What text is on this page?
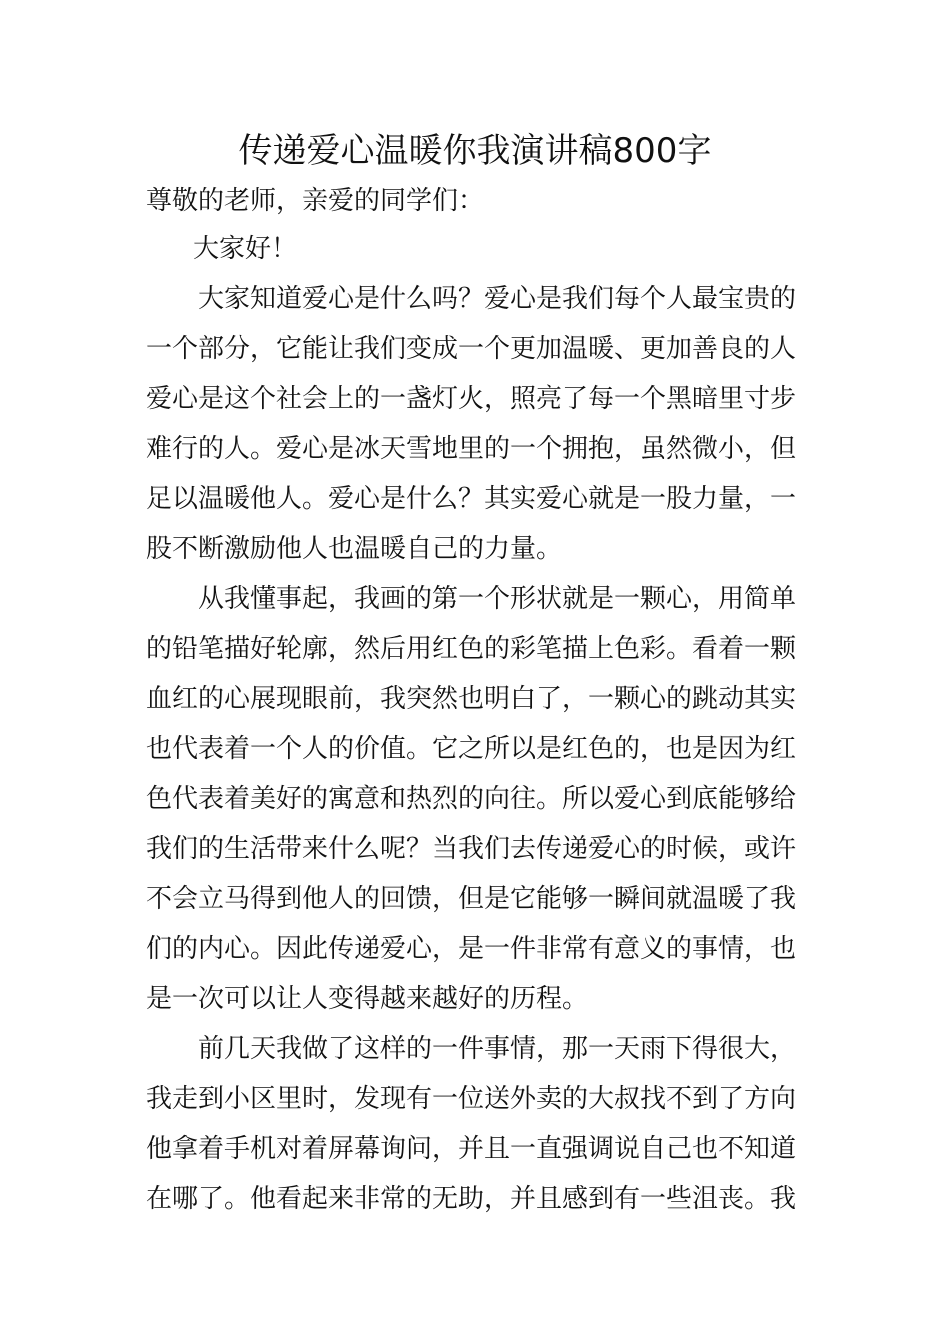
传递爱心温暖你我演讲稿800字

尊敬的老师，亲爱的同学们：

大家好！

大家知道爱心是什么吗？爱心是我们每个人最宝贵的

一个部分，它能让我们变成一个更加温暖、更加善良的人

爱心是这个社会上的一盏灯火，照亮了每一个黑暗里寸步

难行的人。爱心是冰天雪地里的一个拥抱，虽然微小，但

足以温暖他人。爱心是什么？其实爱心就是一股力量，一

股不断激励他人也温暖自己的力量。

从我懂事起，我画的第一个形状就是一颗心，用简单

的铅笔描好轮廓，然后用红色的彩笔描上色彩。看着一颗

血红的心展现眼前，我突然也明白了，一颗心的跳动其实

也代表着一个人的价值。它之所以是红色的，也是因为红

色代表着美好的寓意和热烈的向往。所以爱心到底能够给

我们的生活带来什么呢？当我们去传递爱心的时候，或许

不会立马得到他人的回馈，但是它能够一瞬间就温暖了我

们的内心。因此传递爱心，是一件非常有意义的事情，也

是一次可以让人变得越来越好的历程。

前几天我做了这样的一件事情，那一天雨下得很大，

我走到小区里时，发现有一位送外卖的大叔找不到了方向

他拿着手机对着屏幕询问，并且一直强调说自己也不知道

在哪了。他看起来非常的无助，并且感到有一些沮丧。我
